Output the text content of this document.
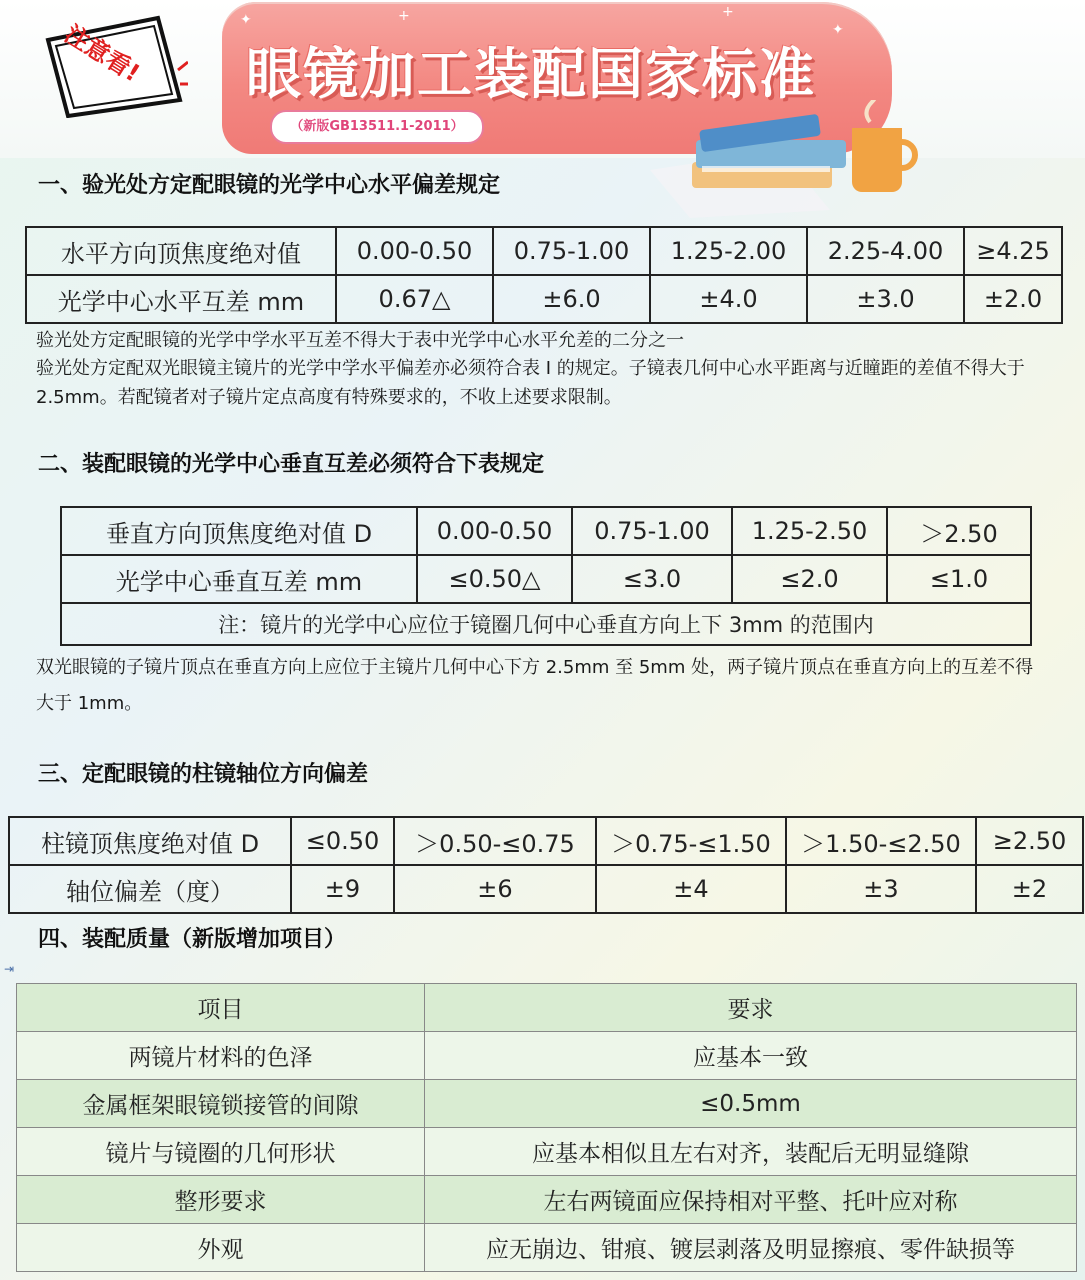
注意看! 眼镜加工装配国家标准
（新版GB13511.1-2011）
✦	+	+
✦
一、验光处方定配眼镜的光学中心水平偏差规定
水平方向顶焦度绝对值	0.00-0.50	0.75-1.00	1.25-2.00	2.25-4.00	≥4.25
光学中心水平互差 mm	0.67△	±6.0	±4.0	±3.0	±2.0
验光处方定配眼镜的光学中学水平互差不得大于表中光学中心水平允差的二分之一
验光处方定配双光眼镜主镜片的光学中学水平偏差亦必须符合表 I 的规定。子镜表几何中心水平距离与近瞳距的差值不得大于 2.5mm。若配镜者对子镜片定点高度有特殊要求的，不收上述要求限制。
二、装配眼镜的光学中心垂直互差必须符合下表规定
垂直方向顶焦度绝对值 D	0.00-0.50	0.75-1.00	1.25-2.50	＞2.50
光学中心垂直互差 mm	≤0.50△	≤3.0	≤2.0	≤1.0
注：镜片的光学中心应位于镜圈几何中心垂直方向上下 3mm 的范围内				
双光眼镜的子镜片顶点在垂直方向上应位于主镜片几何中心下方 2.5mm 至 5mm 处，两子镜片顶点在垂直方向上的互差不得大于 1mm。
三、定配眼镜的柱镜轴位方向偏差
柱镜顶焦度绝对值 D	≤0.50	＞0.50-≤0.75	＞0.75-≤1.50	＞1.50-≤2.50	≥2.50
轴位偏差（度）	±9	±6	±4	±3	±2
四、装配质量（新版增加项目）
⇥
项目	要求
两镜片材料的色泽	应基本一致
金属框架眼镜锁接管的间隙	≤0.5mm
镜片与镜圈的几何形状	应基本相似且左右对齐，装配后无明显缝隙
整形要求	左右两镜面应保持相对平整、托叶应对称
外观	应无崩边、钳痕、镀层剥落及明显擦痕、零件缺损等
